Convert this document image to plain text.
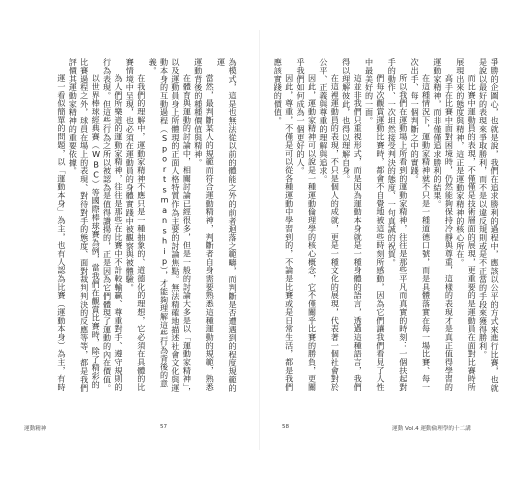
為模式，這是也無法從以前的體能之外的前者迴落之範疇，而判斷是否遭遇到的程度規範的運

當然，最判斷某人的規範而符合運動精神，判斷者自身需要熟悉這種運動的規範，熟悉運動背後的種種價值與精神。

在體育與運動的討論中，相關討論已經很多，但是一般的討論大多是以「運動家精神」，以及運動員身上所體現的正面人格特質作為主要的討論焦點。無法精確地描述社會文化與運動本身的互動過程（Sportsmanship），才能夠理解這些行為背後的意義。

在我們的理解中，運動家精神不應只是一種抽象的、道德化的理想，它必須在具體的比賽情境中呈現，也必須在運動員的身體實踐中被觀察與被體驗。

為人們所樂道的運動家精神，往往是那些在比賽中不計較輸贏、尊重對手、遵守規則的行為表現。但這些行為之所以被認為是值得讚揚的，正是因為它們體現了運動的內在價值。

以世界棒球經典賽（WBC）等國際棒球賽為例，當我們在觀賞比賽時，除了精彩的比賽過程之外，球員在場上的表現、對待對手的態度、面對裁判判決的反應等等，都是我們評價其運動家精神的重要依據。

運一看似簡單的問題，以「運動本身」為主，也有人認為比賽（運動本身）為主，有時

運動精神	57

爭勝的企圖心，也就是說，我們在追求勝利的過程中，應該以公平的方式來進行比賽，也就是說以最好的表現來爭取勝利，而不是以違反規則或是不正當的手段來獲得勝利。

而比賽中運動員的表現，不僅僅是技術層面的展現，更重要的是運動員在面對比賽時所展現出來的態度與精神，這正是運動家精神的核心所在。

高手在比賽中面對困境時，仍然能夠保持冷靜與尊重，這樣的表現才是真正值得學習的運動家精神，而非僅僅追求勝利的結果。

在這種情況下，運動家精神就不只是一種道德口號，而是具體落實在每一場比賽、每一次出手、每一個判斷之中的實踐。

所以我們在運動場上所看到的運動家精神，往往是那些平凡而真實的時刻：一個扶起對手的動作、一次坦然接受判決的態度、一句真誠的祝賀。

們每次觀賞運動比賽時，都會不自覺地被這些時刻所感動，因為它們讓我們看見了人性中最美好的一面。

這並非我們只重視形式，而是因為運動本身就是一種身體的語言，透過這種語言，我們得以理解彼此，也得以理解自身。

在這裡運動員的表現，不只是個人的成就，更是一種文化的展現，代表著一個社會對於公平、正義與尊重的理解與追求。

因此，運動家精神可以說是一種運動倫理學的核心概念，它不僅關乎比賽的勝負，更關乎我們如何成為一個更好的人。

因此，尊重，不僅是可以從各種運動中學習到的，不論是比賽或是日常生活，都是我們應該實踐的價值。

58	運動 Vol.4 運動倫理學的十二講
